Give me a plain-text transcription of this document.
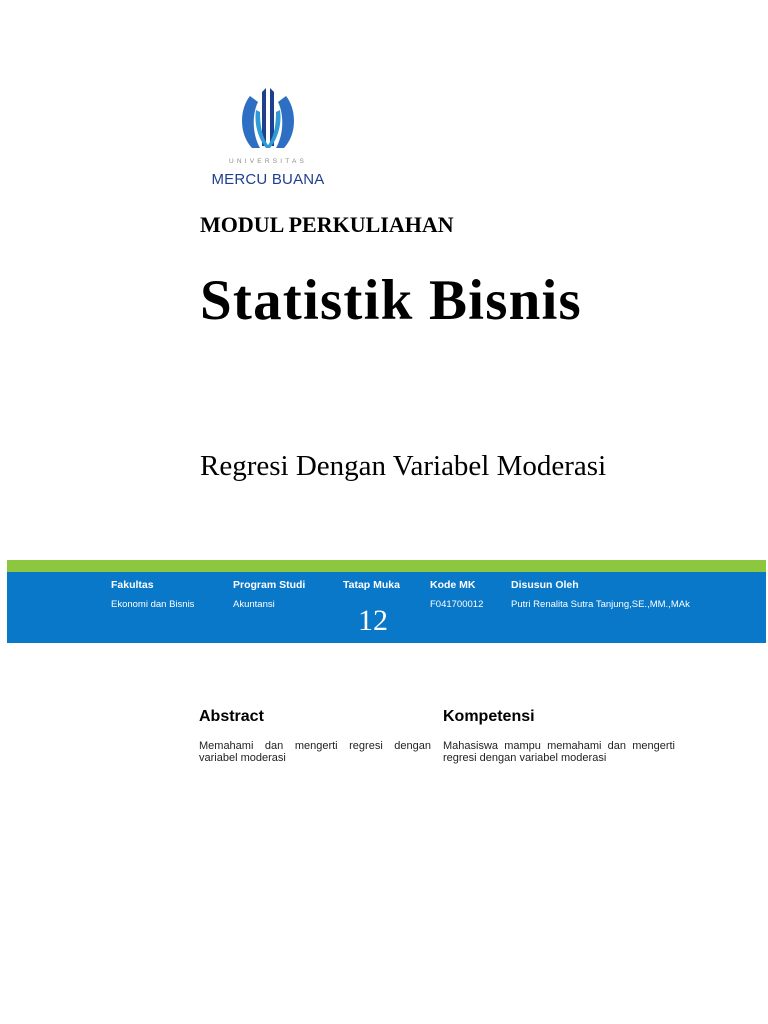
UNIVERSITAS
MERCU BUANA
MODUL PERKULIAHAN
Statistik Bisnis
Regresi Dengan Variabel Moderasi
Fakultas
Ekonomi dan Bisnis
Program Studi
Akuntansi
Tatap Muka
12
Kode MK
F041700012
Disusun Oleh
Putri Renalita Sutra Tanjung,SE.,MM.,MAk
Abstract
Memahami dan mengerti regresi dengan variabel moderasi
Kompetensi
Mahasiswa mampu memahami dan mengerti regresi dengan variabel moderasi
